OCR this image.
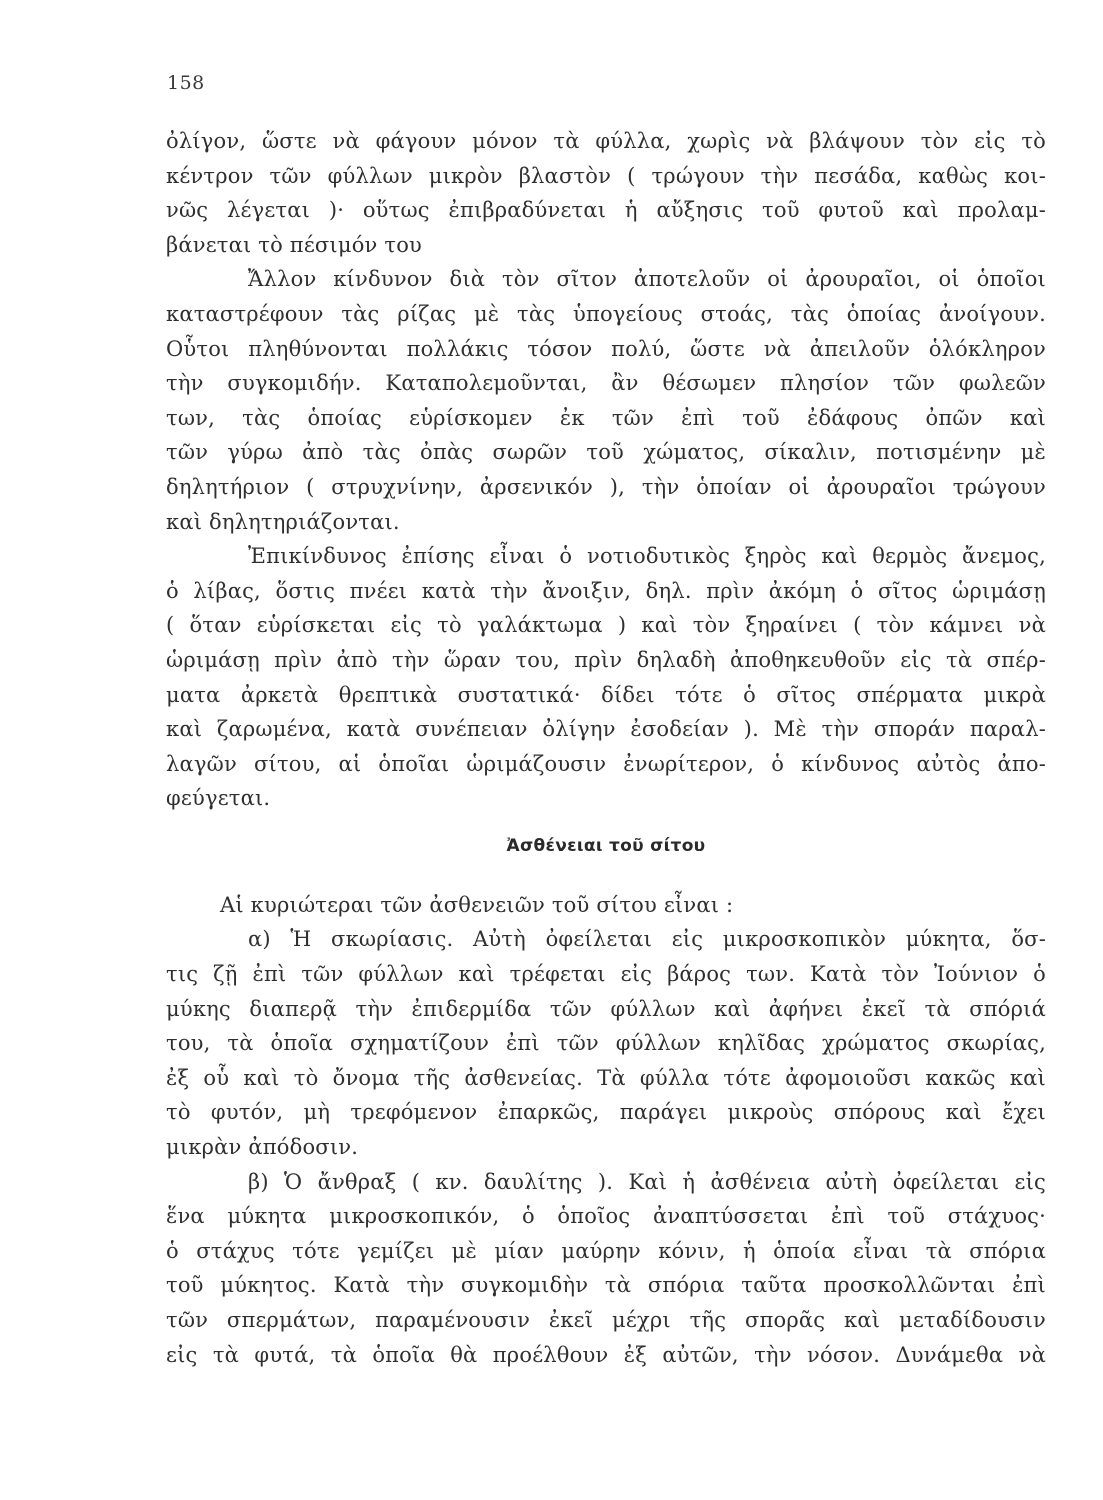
158
ὀλίγον, ὥστε νὰ φάγουν μόνον τὰ φύλλα, χωρὶς νὰ βλάψουν τὸν εἰς τὸ
κέντρον τῶν φύλλων μικρὸν βλαστὸν ( τρώγουν τὴν πεσάδα, καθὼς κοι-
νῶς λέγεται )· οὕτως ἐπιβραδύνεται ἡ αὔξησις τοῦ φυτοῦ καὶ προλαμ-
βάνεται τὸ πέσιμόν του
Ἄλλον κίνδυνον διὰ τὸν σῖτον ἀποτελοῦν οἱ ἀρουραῖοι, οἱ ὁποῖοι
καταστρέφουν τὰς ρίζας μὲ τὰς ὑπογείους στοάς, τὰς ὁποίας ἀνοίγουν.
Οὗτοι πληθύνονται πολλάκις τόσον πολύ, ὥστε νὰ ἀπειλοῦν ὁλόκληρον
τὴν συγκομιδήν. Καταπολεμοῦνται, ἂν θέσωμεν πλησίον τῶν φωλεῶν
των, τὰς ὁποίας εὑρίσκομεν ἐκ τῶν ἐπὶ τοῦ ἐδάφους ὀπῶν καὶ
τῶν γύρω ἀπὸ τὰς ὀπὰς σωρῶν τοῦ χώματος, σίκαλιν, ποτισμένην μὲ
δηλητήριον ( στρυχνίνην, ἀρσενικόν ), τὴν ὁποίαν οἱ ἀρουραῖοι τρώγουν
καὶ δηλητηριάζονται.
Ἐπικίνδυνος ἐπίσης εἶναι ὁ νοτιοδυτικὸς ξηρὸς καὶ θερμὸς ἄνεμος,
ὁ λίβας, ὅστις πνέει κατὰ τὴν ἄνοιξιν, δηλ. πρὶν ἀκόμη ὁ σῖτος ὡριμάσῃ
( ὅταν εὑρίσκεται εἰς τὸ γαλάκτωμα ) καὶ τὸν ξηραίνει ( τὸν κάμνει νὰ
ὡριμάσῃ πρὶν ἀπὸ τὴν ὥραν του, πρὶν δηλαδὴ ἀποθηκευθοῦν εἰς τὰ σπέρ-
ματα ἀρκετὰ θρεπτικὰ συστατικά· δίδει τότε ὁ σῖτος σπέρματα μικρὰ
καὶ ζαρωμένα, κατὰ συνέπειαν ὀλίγην ἐσοδείαν ). Μὲ τὴν σποράν παραλ-
λαγῶν σίτου, αἱ ὁποῖαι ὡριμάζουσιν ἐνωρίτερον, ὁ κίνδυνος αὐτὸς ἀπο-
φεύγεται.
Ἀσθένειαι τοῦ σίτου
Αἱ κυριώτεραι τῶν ἀσθενειῶν τοῦ σίτου εἶναι :
α) Ἡ σκωρίασις. Αὐτὴ ὀφείλεται εἰς μικροσκοπικὸν μύκητα, ὅσ-
τις ζῇ ἐπὶ τῶν φύλλων καὶ τρέφεται εἰς βάρος των. Κατὰ τὸν Ἰούνιον ὁ
μύκης διαπερᾷ τὴν ἐπιδερμίδα τῶν φύλλων καὶ ἀφήνει ἐκεῖ τὰ σπόριά
του, τὰ ὁποῖα σχηματίζουν ἐπὶ τῶν φύλλων κηλῖδας χρώματος σκωρίας,
ἐξ οὗ καὶ τὸ ὄνομα τῆς ἀσθενείας. Τὰ φύλλα τότε ἀφομοιοῦσι κακῶς καὶ
τὸ φυτόν, μὴ τρεφόμενον ἐπαρκῶς, παράγει μικροὺς σπόρους καὶ ἔχει
μικρὰν ἀπόδοσιν.
β) Ὁ ἄνθραξ ( κν. δαυλίτης ). Καὶ ἡ ἀσθένεια αὐτὴ ὀφείλεται εἰς
ἕνα μύκητα μικροσκοπικόν, ὁ ὁποῖος ἀναπτύσσεται ἐπὶ τοῦ στάχυος·
ὁ στάχυς τότε γεμίζει μὲ μίαν μαύρην κόνιν, ἡ ὁποία εἶναι τὰ σπόρια
τοῦ μύκητος. Κατὰ τὴν συγκομιδὴν τὰ σπόρια ταῦτα προσκολλῶνται ἐπὶ
τῶν σπερμάτων, παραμένουσιν ἐκεῖ μέχρι τῆς σπορᾶς καὶ μεταδίδουσιν
εἰς τὰ φυτά, τὰ ὁποῖα θὰ προέλθουν ἐξ αὐτῶν, τὴν νόσον. Δυνάμεθα νὰ
